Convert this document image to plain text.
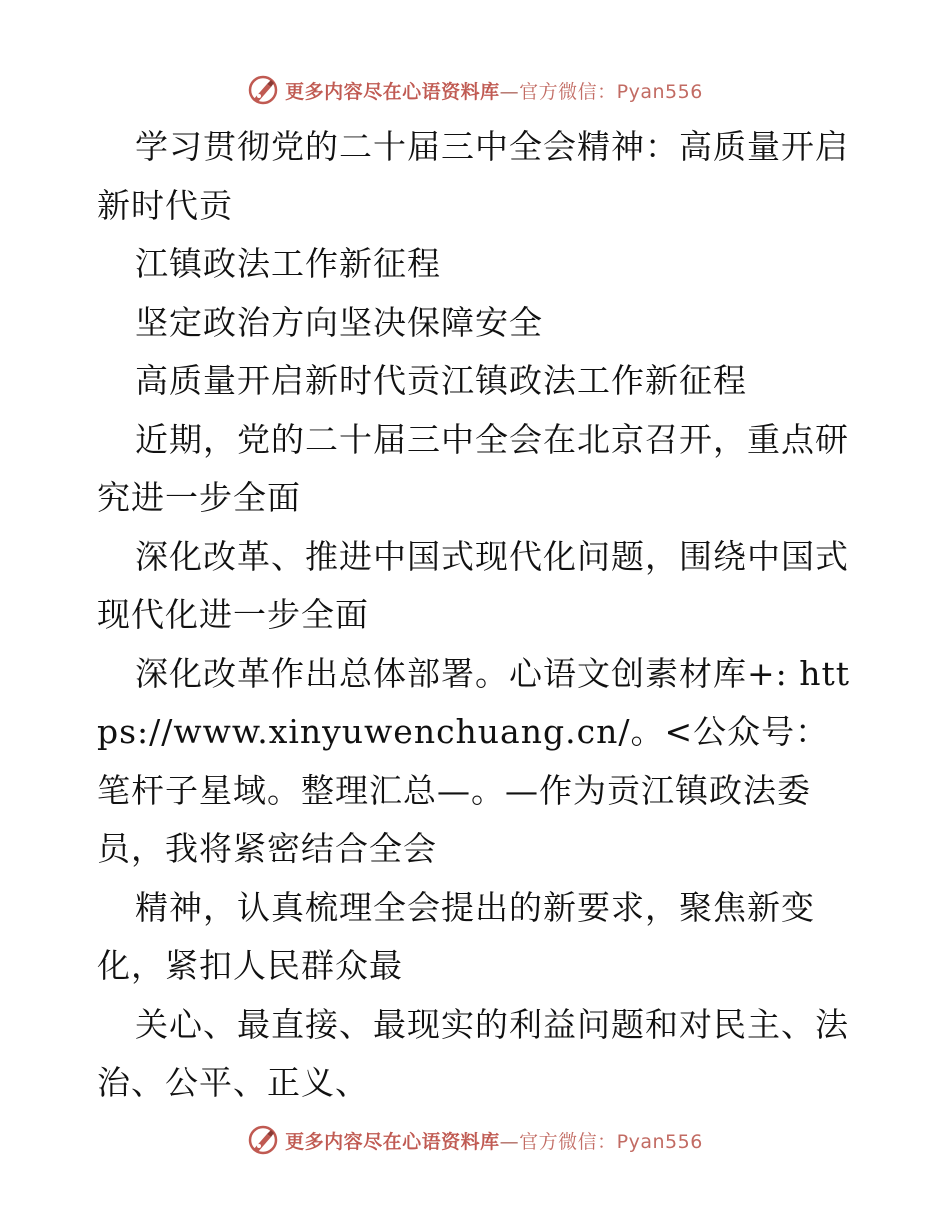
更多内容尽在心语资料库—官方微信：Pyan556

学习贯彻党的二十届三中全会精神：高质量开启新时代贡

江镇政法工作新征程

坚定政治方向坚决保障安全

高质量开启新时代贡江镇政法工作新征程

近期，党的二十届三中全会在北京召开，重点研究进一步全面

深化改革、推进中国式现代化问题，围绕中国式现代化进一步全面

深化改革作出总体部署。心语文创素材库+: https://www.xinyuwenchuang.cn/。<公众号：笔杆子星域。整理汇总—。—作为贡江镇政法委员，我将紧密结合全会

精神，认真梳理全会提出的新要求，聚焦新变化，紧扣人民群众最

关心、最直接、最现实的利益问题和对民主、法治、公平、正义、

更多内容尽在心语资料库—官方微信：Pyan556
